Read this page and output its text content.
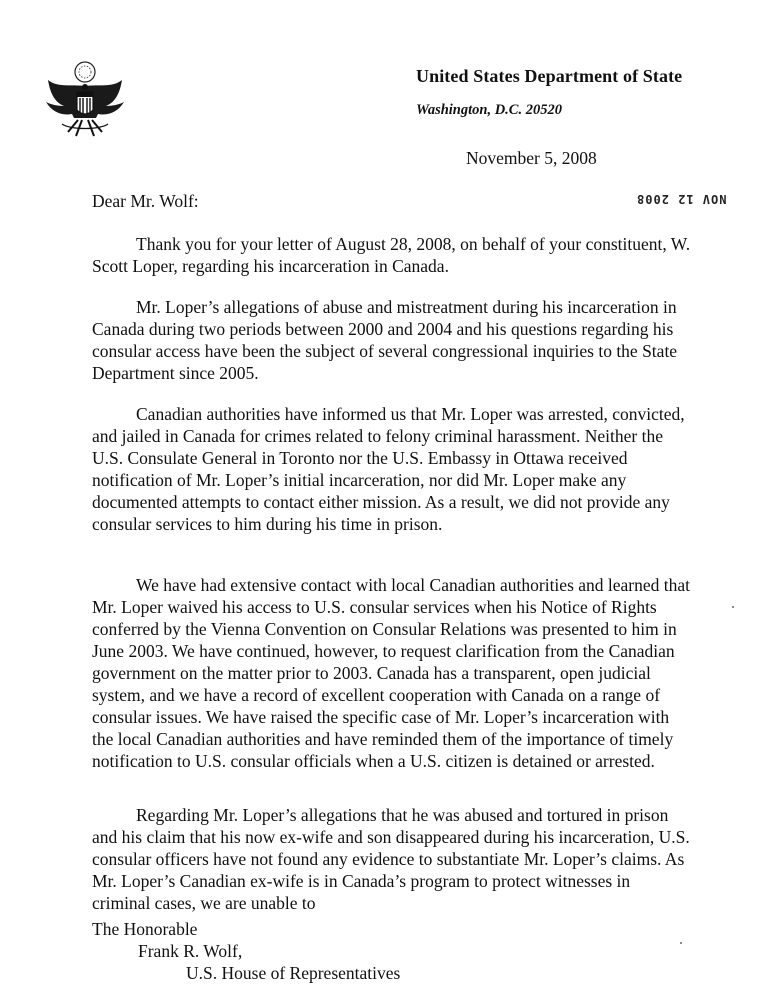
United States Department of State
Washington, D.C. 20520
November 5, 2008
Dear Mr. Wolf:	NOV 12 2008
Thank you for your letter of August 28, 2008, on behalf of your constituent, W. Scott Loper, regarding his incarceration in Canada.
Mr. Loper’s allegations of abuse and mistreatment during his incarceration in Canada during two periods between 2000 and 2004 and his questions regarding his consular access have been the subject of several congressional inquiries to the State Department since 2005.
Canadian authorities have informed us that Mr. Loper was arrested, convicted, and jailed in Canada for crimes related to felony criminal harassment. Neither the U.S. Consulate General in Toronto nor the U.S. Embassy in Ottawa received notification of Mr. Loper’s initial incarceration, nor did Mr. Loper make any documented attempts to contact either mission. As a result, we did not provide any consular services to him during his time in prison.
We have had extensive contact with local Canadian authorities and learned that Mr. Loper waived his access to U.S. consular services when his Notice of Rights conferred by the Vienna Convention on Consular Relations was presented to him in June 2003. We have continued, however, to request clarification from the Canadian government on the matter prior to 2003. Canada has a transparent, open judicial system, and we have a record of excellent cooperation with Canada on a range of consular issues. We have raised the specific case of Mr. Loper’s incarceration with the local Canadian authorities and have reminded them of the importance of timely notification to U.S. consular officials when a U.S. citizen is detained or arrested.
Regarding Mr. Loper’s allegations that he was abused and tortured in prison and his claim that his now ex-wife and son disappeared during his incarceration, U.S. consular officers have not found any evidence to substantiate Mr. Loper’s claims. As Mr. Loper’s Canadian ex-wife is in Canada’s program to protect witnesses in criminal cases, we are unable to
The Honorable
Frank R. Wolf,
U.S. House of Representatives
